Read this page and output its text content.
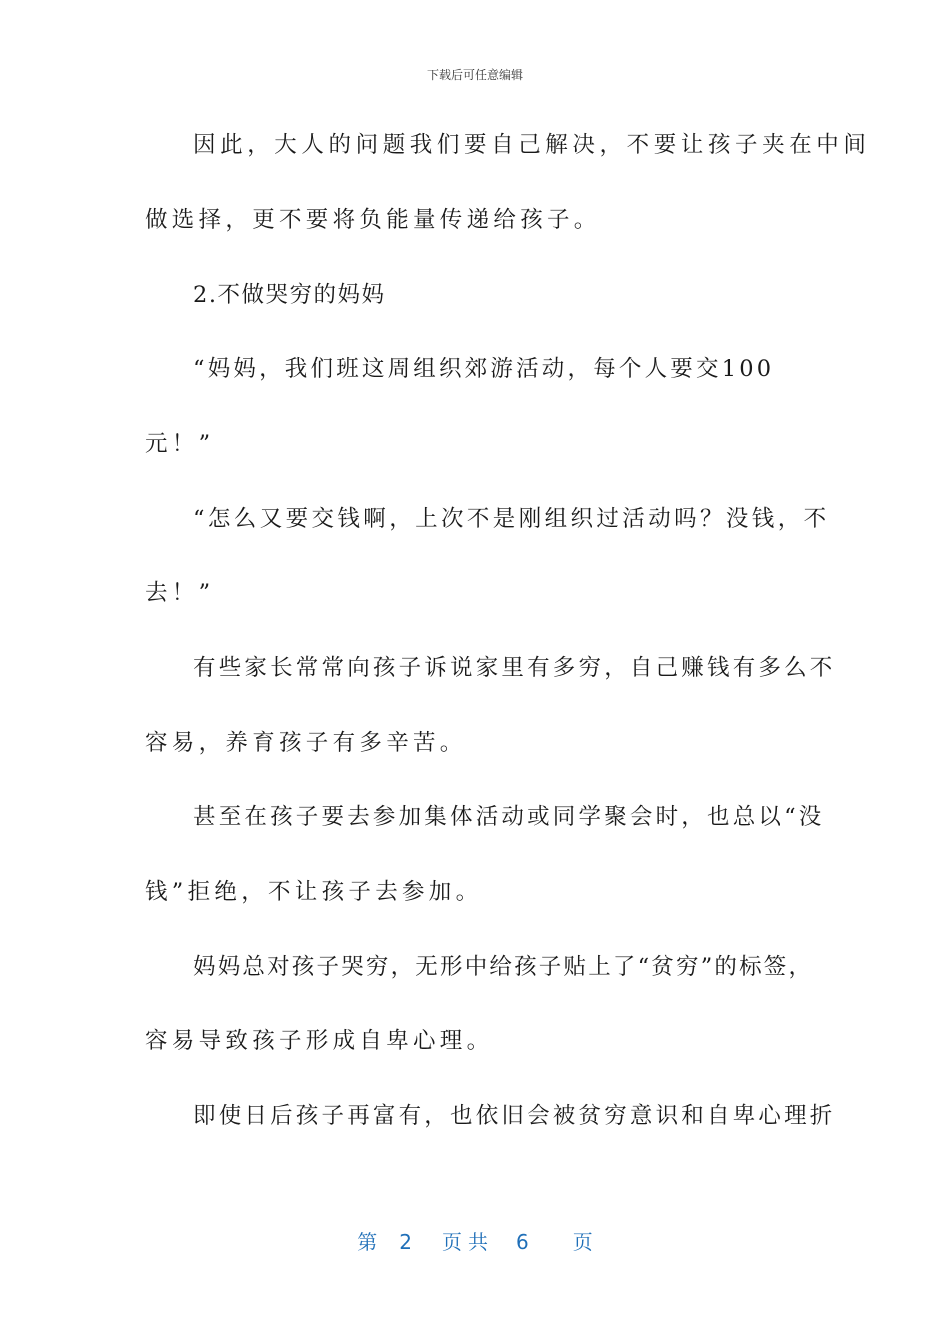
下载后可任意编辑
因此，大人的问题我们要自己解决，不要让孩子夹在中间
做选择，更不要将负能量传递给孩子。
2.不做哭穷的妈妈
“妈妈，我们班这周组织郊游活动，每个人要交100
元！”
“怎么又要交钱啊，上次不是刚组织过活动吗？没钱，不
去！”
有些家长常常向孩子诉说家里有多穷，自己赚钱有多么不
容易，养育孩子有多辛苦。
甚至在孩子要去参加集体活动或同学聚会时，也总以“没
钱”拒绝，不让孩子去参加。
妈妈总对孩子哭穷，无形中给孩子贴上了“贫穷”的标签，
容易导致孩子形成自卑心理。
即使日后孩子再富有，也依旧会被贫穷意识和自卑心理折
第 2 页共 6 页
